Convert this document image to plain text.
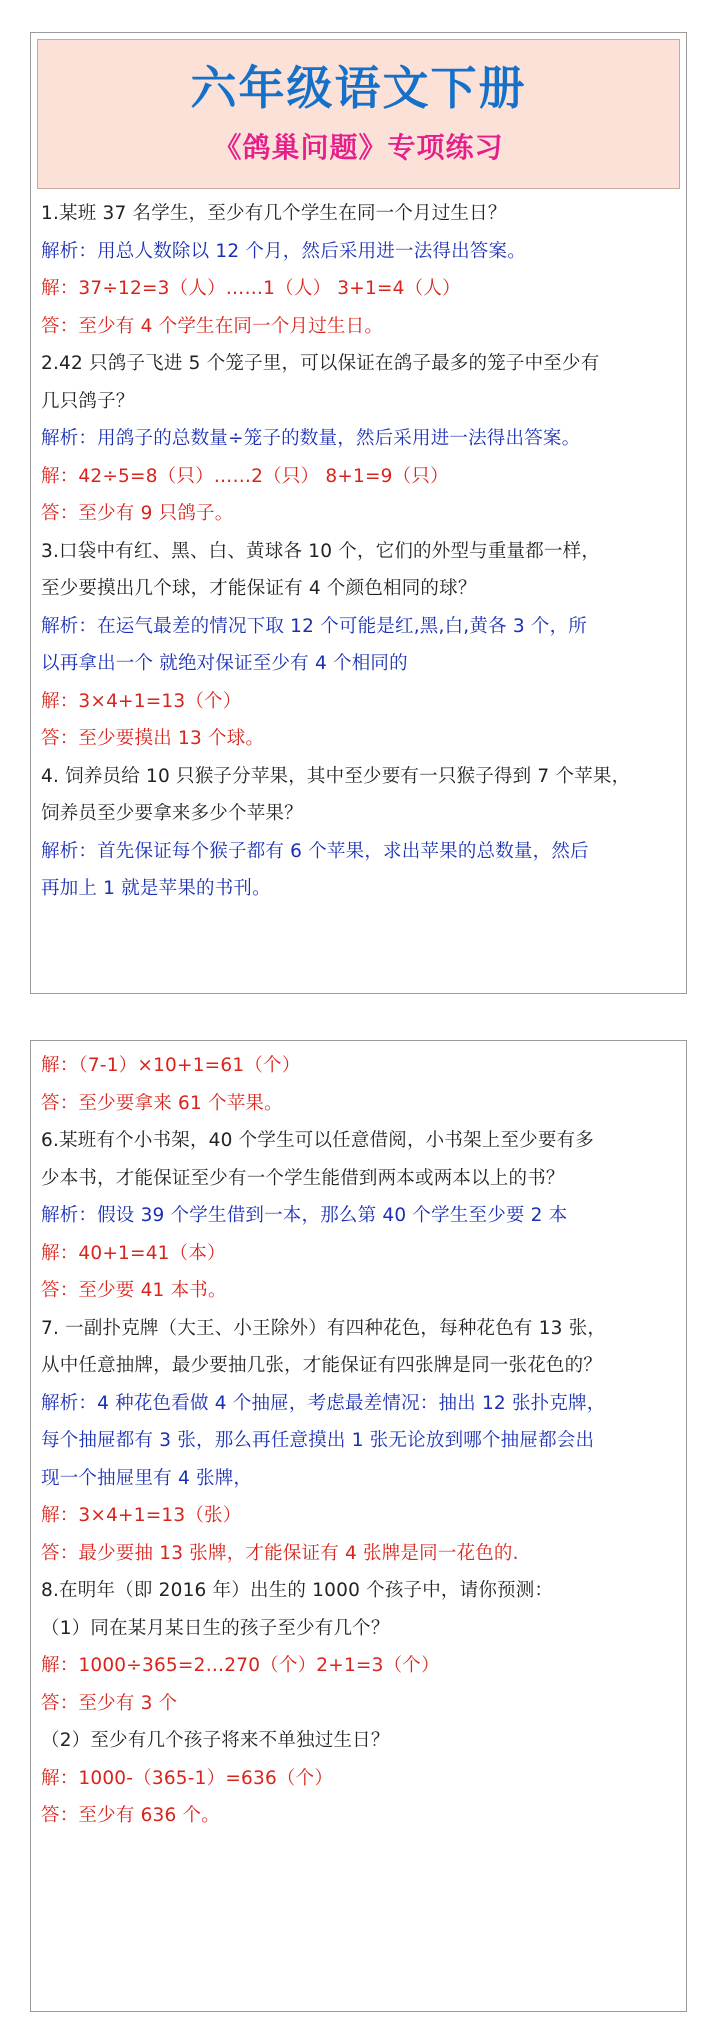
六年级语文下册
《鸽巢问题》专项练习
1.某班 37 名学生，至少有几个学生在同一个月过生日？
解析：用总人数除以 12 个月，然后采用进一法得出答案。
解：37÷12=3（人）……1（人） 3+1=4（人）
答：至少有 4 个学生在同一个月过生日。
2.42 只鸽子飞进 5 个笼子里，可以保证在鸽子最多的笼子中至少有
几只鸽子？
解析：用鸽子的总数量÷笼子的数量，然后采用进一法得出答案。
解：42÷5=8（只）……2（只） 8+1=9（只）
答：至少有 9 只鸽子。
3.口袋中有红、黑、白、黄球各 10 个，它们的外型与重量都一样，
至少要摸出几个球，才能保证有 4 个颜色相同的球？
解析：在运气最差的情况下取 12 个可能是红,黑,白,黄各 3 个，所
以再拿出一个 就绝对保证至少有 4 个相同的
解：3×4+1=13（个）
答：至少要摸出 13 个球。
4. 饲养员给 10 只猴子分苹果，其中至少要有一只猴子得到 7 个苹果，
饲养员至少要拿来多少个苹果？
解析：首先保证每个猴子都有 6 个苹果，求出苹果的总数量，然后
再加上 1 就是苹果的书刊。
解：（7-1）×10+1=61（个）
答：至少要拿来 61 个苹果。
6.某班有个小书架，40 个学生可以任意借阅，小书架上至少要有多
少本书，才能保证至少有一个学生能借到两本或两本以上的书？
解析：假设 39 个学生借到一本，那么第 40 个学生至少要 2 本
解：40+1=41（本）
答：至少要 41 本书。
7. 一副扑克牌（大王、小王除外）有四种花色，每种花色有 13 张，
从中任意抽牌，最少要抽几张，才能保证有四张牌是同一张花色的？
解析：4 种花色看做 4 个抽屉，考虑最差情况：抽出 12 张扑克牌，
每个抽屉都有 3 张，那么再任意摸出 1 张无论放到哪个抽屉都会出
现一个抽屉里有 4 张牌，
解：3×4+1=13（张）
答：最少要抽 13 张牌，才能保证有 4 张牌是同一花色的.
8.在明年（即 2016 年）出生的 1000 个孩子中，请你预测：
（1）同在某月某日生的孩子至少有几个？
解：1000÷365=2…270（个）2+1=3（个）
答：至少有 3 个
（2）至少有几个孩子将来不单独过生日？
解：1000-（365-1）=636（个）
答：至少有 636 个。
